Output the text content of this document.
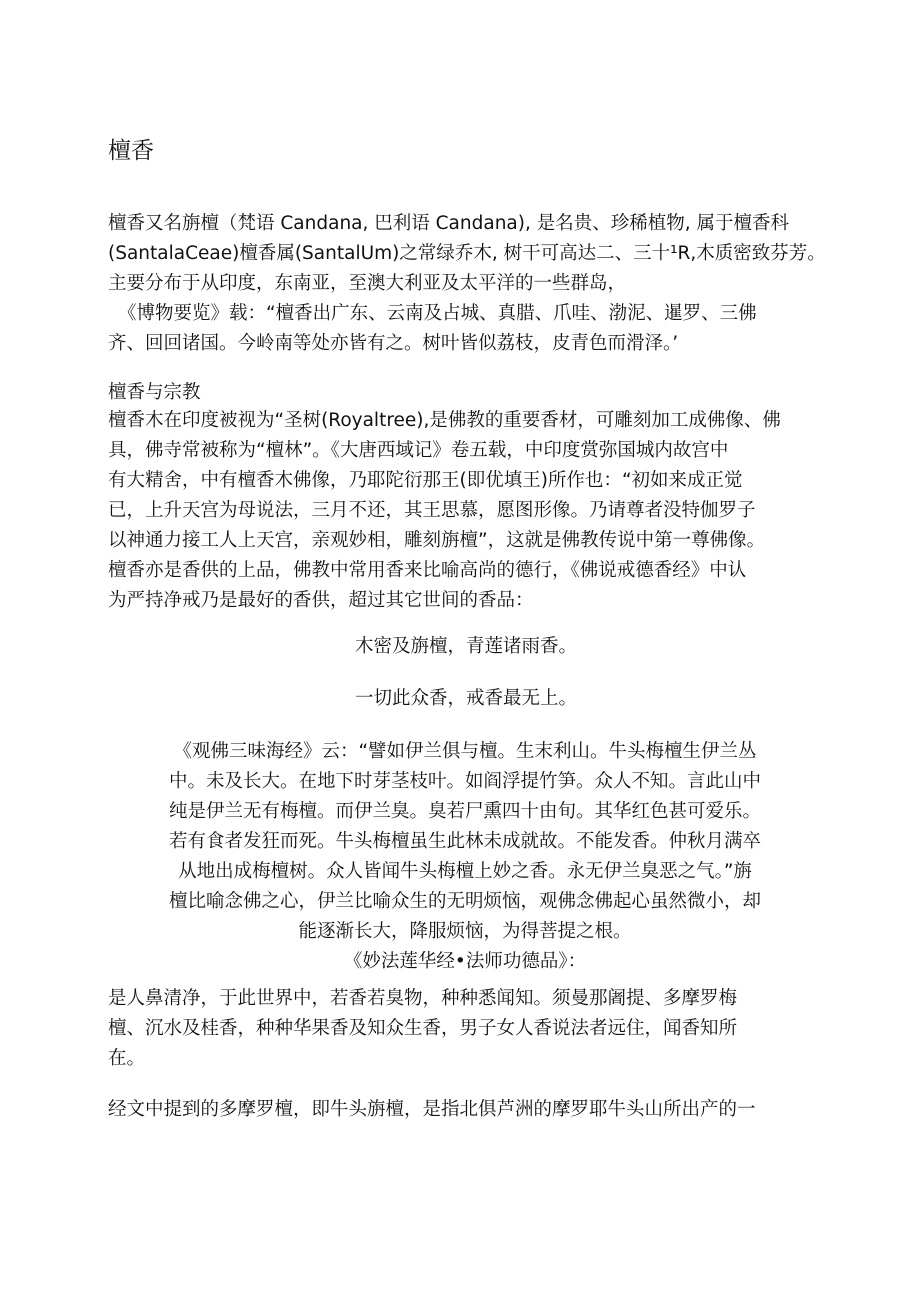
檀香
檀香又名旃檀（梵语 Candana, 巴利语 Candana), 是名贵、珍稀植物, 属于檀香科
(SantalaCeae)檀香属(SantalUm)之常绿乔木, 树干可高达二、三十¹R,木质密致芬芳。
主要分布于从印度，东南亚，至澳大利亚及太平洋的一些群岛，
《博物要览》载：“檀香出广东、云南及占城、真腊、爪哇、渤泥、暹罗、三佛
齐、回回诸国。今岭南等处亦皆有之。树叶皆似荔枝，皮青色而滑泽。’
檀香与宗教
檀香木在印度被视为“圣树(Royaltree),是佛教的重要香材，可雕刻加工成佛像、佛
具，佛寺常被称为“檀林”。《大唐西域记》卷五载，中印度赏弥国城内故宫中
有大精舍，中有檀香木佛像，乃耶陀衍那王(即优填王)所作也：“初如来成正觉
已，上升天宫为母说法，三月不还，其王思慕，愿图形像。乃请尊者没特伽罗子
以神通力接工人上天宫，亲观妙相，雕刻旃檀”，这就是佛教传说中第一尊佛像。
檀香亦是香供的上品，佛教中常用香来比喻高尚的德行，《佛说戒德香经》中认
为严持净戒乃是最好的香供，超过其它世间的香品：
木密及旃檀，青莲诸雨香。
一切此众香，戒香最无上。
《观佛三味海经》云：“譬如伊兰俱与檀。生末利山。牛头梅檀生伊兰丛
中。未及长大。在地下时芽茎枝叶。如阎浮提竹笋。众人不知。言此山中
纯是伊兰无有梅檀。而伊兰臭。臭若尸熏四十由旬。其华红色甚可爱乐。
若有食者发狂而死。牛头梅檀虽生此林未成就故。不能发香。仲秋月满卒
从地出成梅檀树。众人皆闻牛头梅檀上妙之香。永无伊兰臭恶之气。”旃
檀比喻念佛之心，伊兰比喻众生的无明烦恼，观佛念佛起心虽然微小，却
能逐渐长大，降服烦恼，为得菩提之根。
《妙法莲华经•法师功德品》：
是人鼻清净，于此世界中，若香若臭物，种种悉闻知。须曼那阇提、多摩罗梅
檀、沉水及桂香，种种华果香及知众生香，男子女人香说法者远住，闻香知所
在。
经文中提到的多摩罗檀，即牛头旃檀，是指北俱芦洲的摩罗耶牛头山所出产的一
